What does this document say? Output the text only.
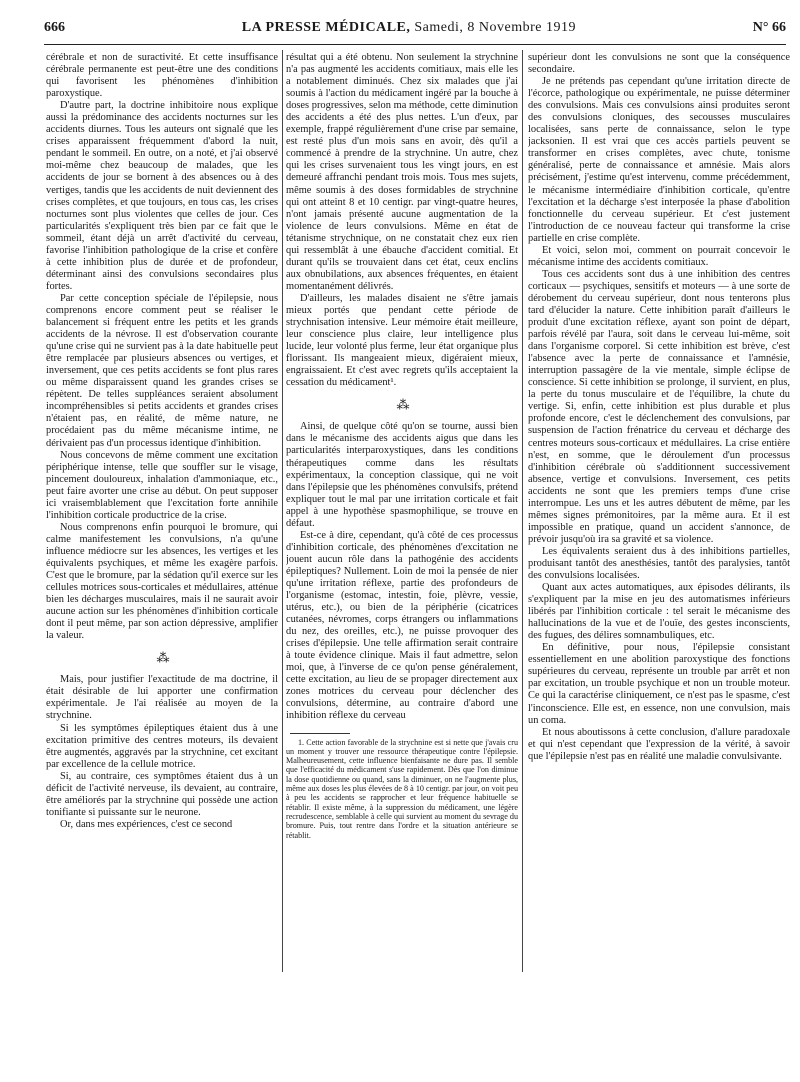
666	LA PRESSE MÉDICALE, Samedi, 8 Novembre 1919	N° 66

cérébrale et non de suractivité. Et cette insuffisance cérébrale permanente est peut-être une des conditions qui favorisent les phénomènes d'inhibition paroxystique.

D'autre part, la doctrine inhibitoire nous explique aussi la prédominance des accidents nocturnes sur les accidents diurnes. Tous les auteurs ont signalé que les crises apparaissent fréquemment d'abord la nuit, pendant le sommeil. En outre, on a noté, et j'ai observé moi-même chez beaucoup de malades, que les accidents de jour se bornent à des absences ou à des vertiges, tandis que les accidents de nuit deviennent des crises complètes, et que toujours, en tous cas, les crises nocturnes sont plus violentes que celles de jour. Ces particularités s'expliquent très bien par ce fait que le sommeil, étant déjà un arrêt d'activité du cerveau, favorise l'inhibition pathologique de la crise et confère à cette inhibition plus de durée et de profondeur, déterminant ainsi des convulsions secondaires plus fortes.

Par cette conception spéciale de l'épilepsie, nous comprenons encore comment peut se réaliser le balancement si fréquent entre les petits et les grands accidents de la névrose. Il est d'observation courante qu'une crise qui ne survient pas à la date habituelle peut être remplacée par plusieurs absences ou vertiges, et inversement, que ces petits accidents se font plus rares ou même disparaissent quand les grandes crises se répètent. De telles suppléances seraient absolument incompréhensibles si petits accidents et grandes crises n'étaient pas, en réalité, de même nature, ne procédaient pas du même mécanisme intime, ne dérivaient pas d'un processus identique d'inhibition.

Nous concevons de même comment une excitation périphérique intense, telle que souffler sur le visage, pincement douloureux, inhalation d'ammoniaque, etc., peut faire avorter une crise au début. On peut supposer ici vraisemblablement que l'excitation forte annihile l'inhibition corticale productrice de la crise.

Nous comprenons enfin pourquoi le bromure, qui calme manifestement les convulsions, n'a qu'une influence médiocre sur les absences, les vertiges et les équivalents psychiques, et même les exagère parfois. C'est que le bromure, par la sédation qu'il exerce sur les cellules motrices sous-corticales et médullaires, atténue bien les décharges musculaires, mais il ne saurait avoir aucune action sur les phénomènes d'inhibition corticale dont il peut même, par son action dépressive, amplifier la valeur.

⁂

Mais, pour justifier l'exactitude de ma doctrine, il était désirable de lui apporter une confirmation expérimentale. Je l'ai réalisée au moyen de la strychnine.

Si les symptômes épileptiques étaient dus à une excitation primitive des centres moteurs, ils devaient être augmentés, aggravés par la strychnine, cet excitant par excellence de la cellule motrice.

Si, au contraire, ces symptômes étaient dus à un déficit de l'activité nerveuse, ils devaient, au contraire, être améliorés par la strychnine qui possède une action tonifiante si puissante sur le neurone.

Or, dans mes expériences, c'est ce second

résultat qui a été obtenu. Non seulement la strychnine n'a pas augmenté les accidents comitiaux, mais elle les a notablement diminués. Chez six malades que j'ai soumis à l'action du médicament ingéré par la bouche à doses progressives, selon ma méthode, cette diminution des accidents a été des plus nettes. L'un d'eux, par exemple, frappé régulièrement d'une crise par semaine, est resté plus d'un mois sans en avoir, dès qu'il a commencé à prendre de la strychnine. Un autre, chez qui les crises survenaient tous les vingt jours, en est demeuré affranchi pendant trois mois. Tous mes sujets, même soumis à des doses formidables de strychnine qui ont atteint 8 et 10 centigr. par vingt-quatre heures, n'ont jamais présenté aucune augmentation de la violence de leurs convulsions. Même en état de tétanisme strychnique, on ne constatait chez eux rien qui ressemblât à une ébauche d'accident comitial. Et durant qu'ils se trouvaient dans cet état, ceux enclins aux obnubilations, aux absences fréquentes, en étaient momentanément délivrés.

D'ailleurs, les malades disaient ne s'être jamais mieux portés que pendant cette période de strychnisation intensive. Leur mémoire était meilleure, leur conscience plus claire, leur intelligence plus lucide, leur volonté plus ferme, leur état organique plus florissant. Ils mangeaient mieux, digéraient mieux, engraissaient. Et c'est avec regrets qu'ils acceptaient la cessation du médicament¹.

⁂

Ainsi, de quelque côté qu'on se tourne, aussi bien dans le mécanisme des accidents aigus que dans les particularités interparoxystiques, dans les conditions thérapeutiques comme dans les résultats expérimentaux, la conception classique, qui ne voit dans l'épilepsie que les phénomènes convulsifs, prétend expliquer tout le mal par une irritation corticale et fait appel à une hypothèse spasmophilique, se trouve en défaut.

Est-ce à dire, cependant, qu'à côté de ces processus d'inhibition corticale, des phénomènes d'excitation ne jouent aucun rôle dans la pathogénie des accidents épileptiques? Nullement. Loin de moi la pensée de nier qu'une irritation réflexe, partie des profondeurs de l'organisme (estomac, intestin, foie, plèvre, vessie, utérus, etc.), ou bien de la périphérie (cicatrices cutanées, névromes, corps étrangers ou inflammations du nez, des oreilles, etc.), ne puisse provoquer des crises d'épilepsie. Une telle affirmation serait contraire à toute évidence clinique. Mais il faut admettre, selon moi, que, à l'inverse de ce qu'on pense généralement, cette excitation, au lieu de se propager directement aux zones motrices du cerveau pour déclencher des convulsions, détermine, au contraire d'abord une inhibition réflexe du cerveau

1. Cette action favorable de la strychnine est si nette que j'avais cru un moment y trouver une ressource thérapeutique contre l'épilepsie. Malheureusement, cette influence bienfaisante ne dure pas. Il semble que l'efficacité du médicament s'use rapidement. Dès que l'on diminue la dose quotidienne ou quand, sans la diminuer, on ne l'augmente plus, même aux doses les plus élevées de 8 à 10 centigr. par jour, on voit peu à peu les accidents se rapprocher et leur fréquence habituelle se rétablir. Il existe même, à la suppression du médicament, une légère recrudescence, semblable à celle qui survient au moment du sevrage du bromure. Puis, tout rentre dans l'ordre et la situation antérieure se rétablit.

supérieur dont les convulsions ne sont que la conséquence secondaire.

Je ne prétends pas cependant qu'une irritation directe de l'écorce, pathologique ou expérimentale, ne puisse déterminer des convulsions. Mais ces convulsions ainsi produites seront des convulsions cloniques, des secousses musculaires localisées, sans perte de connaissance, selon le type jacksonien. Il est vrai que ces accès partiels peuvent se transformer en crises complètes, avec chute, tonisme généralisé, perte de connaissance et amnésie. Mais alors précisément, j'estime qu'est intervenu, comme précédemment, le mécanisme intermédiaire d'inhibition corticale, qu'entre l'excitation et la décharge s'est interposée la phase d'abolition fonctionnelle du cerveau supérieur. Et c'est justement l'introduction de ce nouveau facteur qui transforme la crise partielle en crise complète.

Et voici, selon moi, comment on pourrait concevoir le mécanisme intime des accidents comitiaux.

Tous ces accidents sont dus à une inhibition des centres corticaux — psychiques, sensitifs et moteurs — à une sorte de dérobement du cerveau supérieur, dont nous tenterons plus tard d'élucider la nature. Cette inhibition paraît d'ailleurs le produit d'une excitation réflexe, ayant son point de départ, parfois révélé par l'aura, soit dans le cerveau lui-même, soit dans l'organisme corporel. Si cette inhibition est brève, c'est l'absence avec la perte de connaissance et l'amnésie, interruption passagère de la vie mentale, simple éclipse de conscience. Si cette inhibition se prolonge, il survient, en plus, la perte du tonus musculaire et de l'équilibre, la chute du vertige. Si, enfin, cette inhibition est plus durable et plus profonde encore, c'est le déclenchement des convulsions, par suspension de l'action frénatrice du cerveau et décharge des centres moteurs sous-corticaux et médullaires. La crise entière n'est, en somme, que le déroulement d'un processus d'inhibition cérébrale où s'additionnent successivement absence, vertige et convulsions. Inversement, ces petits accidents ne sont que les premiers temps d'une crise interrompue. Les uns et les autres débutent de même, par les mêmes signes prémonitoires, par la même aura. Et il est impossible en pratique, quand un accident s'annonce, de prévoir jusqu'où ira sa gravité et sa violence.

Les équivalents seraient dus à des inhibitions partielles, produisant tantôt des anesthésies, tantôt des paralysies, tantôt des convulsions localisées.

Quant aux actes automatiques, aux épisodes délirants, ils s'expliquent par la mise en jeu des automatismes inférieurs libérés par l'inhibition corticale : tel serait le mécanisme des hallucinations de la vue et de l'ouïe, des gestes inconscients, des fugues, des délires somnambuliques, etc.

En définitive, pour nous, l'épilepsie consistant essentiellement en une abolition paroxystique des fonctions supérieures du cerveau, représente un trouble par arrêt et non par excitation, un trouble psychique et non un trouble moteur. Ce qui la caractérise cliniquement, ce n'est pas le spasme, c'est l'inconscience. Elle est, en essence, non une convulsion, mais un coma.

Et nous aboutissons à cette conclusion, d'allure paradoxale et qui n'est cependant que l'expression de la vérité, à savoir que l'épilepsie n'est pas en réalité une maladie convulsivante.
